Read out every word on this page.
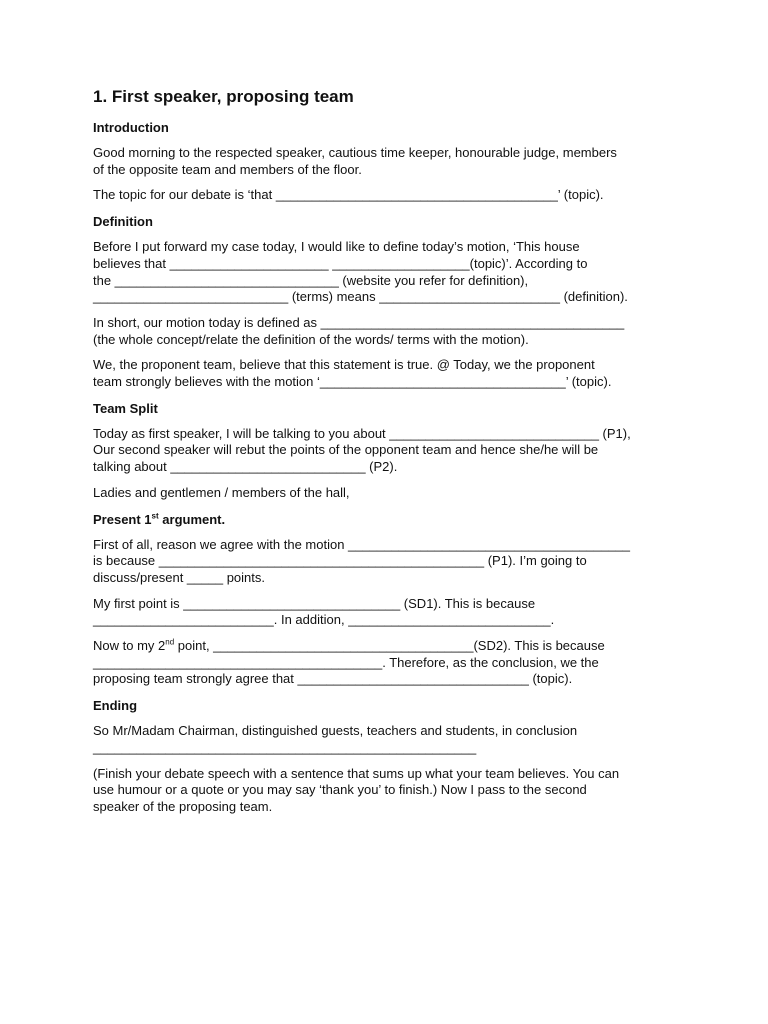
1. First speaker, proposing team
Introduction

Good morning to the respected speaker, cautious time keeper, honourable judge, members
of the opposite team and members of the floor.

The topic for our debate is ‘that _______________________________________’ (topic).

Definition

Before I put forward my case today, I would like to define today’s motion, ‘This house
believes that ______________________ ___________________(topic)’. According to
the _______________________________ (website you refer for definition),
___________________________ (terms) means _________________________ (definition).

In short, our motion today is defined as __________________________________________
(the whole concept/relate the definition of the words/ terms with the motion).

We, the proponent team, believe that this statement is true. @ Today, we the proponent
team strongly believes with the motion ‘__________________________________’ (topic).

Team Split

Today as first speaker, I will be talking to you about _____________________________ (P1),
Our second speaker will rebut the points of the opponent team and hence she/he will be
talking about ___________________________ (P2).

Ladies and gentlemen / members of the hall,

Present 1st argument.

First of all, reason we agree with the motion _______________________________________
is because _____________________________________________ (P1). I’m going to
discuss/present _____ points.

My first point is ______________________________ (SD1). This is because
_________________________. In addition, ____________________________.

Now to my 2nd point, ____________________________________(SD2). This is because
________________________________________. Therefore, as the conclusion, we the
proposing team strongly agree that ________________________________ (topic).

Ending

So Mr/Madam Chairman, distinguished guests, teachers and students, in conclusion
_____________________________________________________

(Finish your debate speech with a sentence that sums up what your team believes. You can
use humour or a quote or you may say ‘thank you’ to finish.) Now I pass to the second
speaker of the proposing team.
